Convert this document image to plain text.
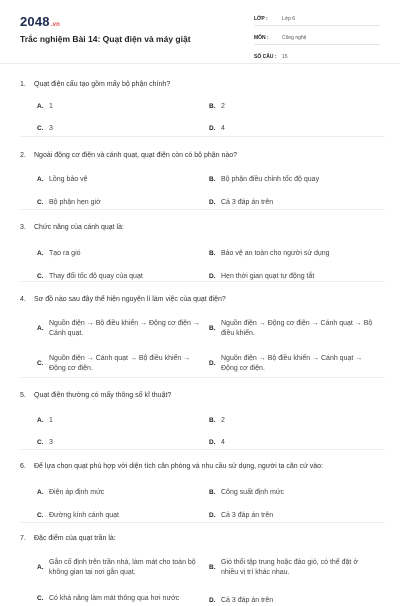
2048.vn
Trắc nghiệm Bài 14: Quạt điện và máy giặt
LỚP :	Lớp 6
MÔN :	Công nghệ
SỐ CÂU :	15
1.	Quạt điện cấu tạo gồm mấy bộ phận chính?
A. 1	B. 2
C. 3	D. 4
2.	Ngoài động cơ điện và cánh quạt, quạt điện còn có bộ phận nào?
A. Lồng bảo vệ	B. Bộ phận điều chỉnh tốc độ quay
C. Bộ phận hẹn giờ	D. Cả 3 đáp án trên
3.	Chức năng của cánh quạt là:
A. Tạo ra gió	B. Bảo vệ an toàn cho người sử dụng
C. Thay đổi tốc độ quay của quạt	D. Hẹn thời gian quạt tự động tắt
4.	Sơ đồ nào sau đây thể hiện nguyên lí làm việc của quạt điện?
A.
Nguồn điện → Bộ điều khiển → Động cơ điện → Cánh quạt.
B.
Nguồn điện → Động cơ điện → Cánh quạt → Bộ điều khiển.
C.
Nguồn điện → Cánh quạt → Bộ điều khiển → Động cơ điện.
D.
Nguồn điện → Bộ điều khiển → Cánh quạt → Động cơ điện.
5.	Quạt điện thường có mấy thông số kĩ thuật?
A. 1	B. 2
C. 3	D. 4
6.	Để lựa chọn quạt phù hợp với diện tích căn phòng và nhu cầu sử dụng, người ta căn cứ vào:
A. Điện áp định mức	B. Công suất định mức
C. Đường kính cánh quạt	D. Cả 3 đáp án trên
7.	Đặc điểm của quạt trần là:
A.
Gắn cố định trên trần nhà, làm mát cho toàn bộ không gian tại nơi gắn quạt.
B.
Gió thổi tập trung hoặc đảo gió, có thể đặt ở nhiều vị trí khác nhau.
C. Có khả năng làm mát thông qua hơi nước	D. Cả 3 đáp án trên
